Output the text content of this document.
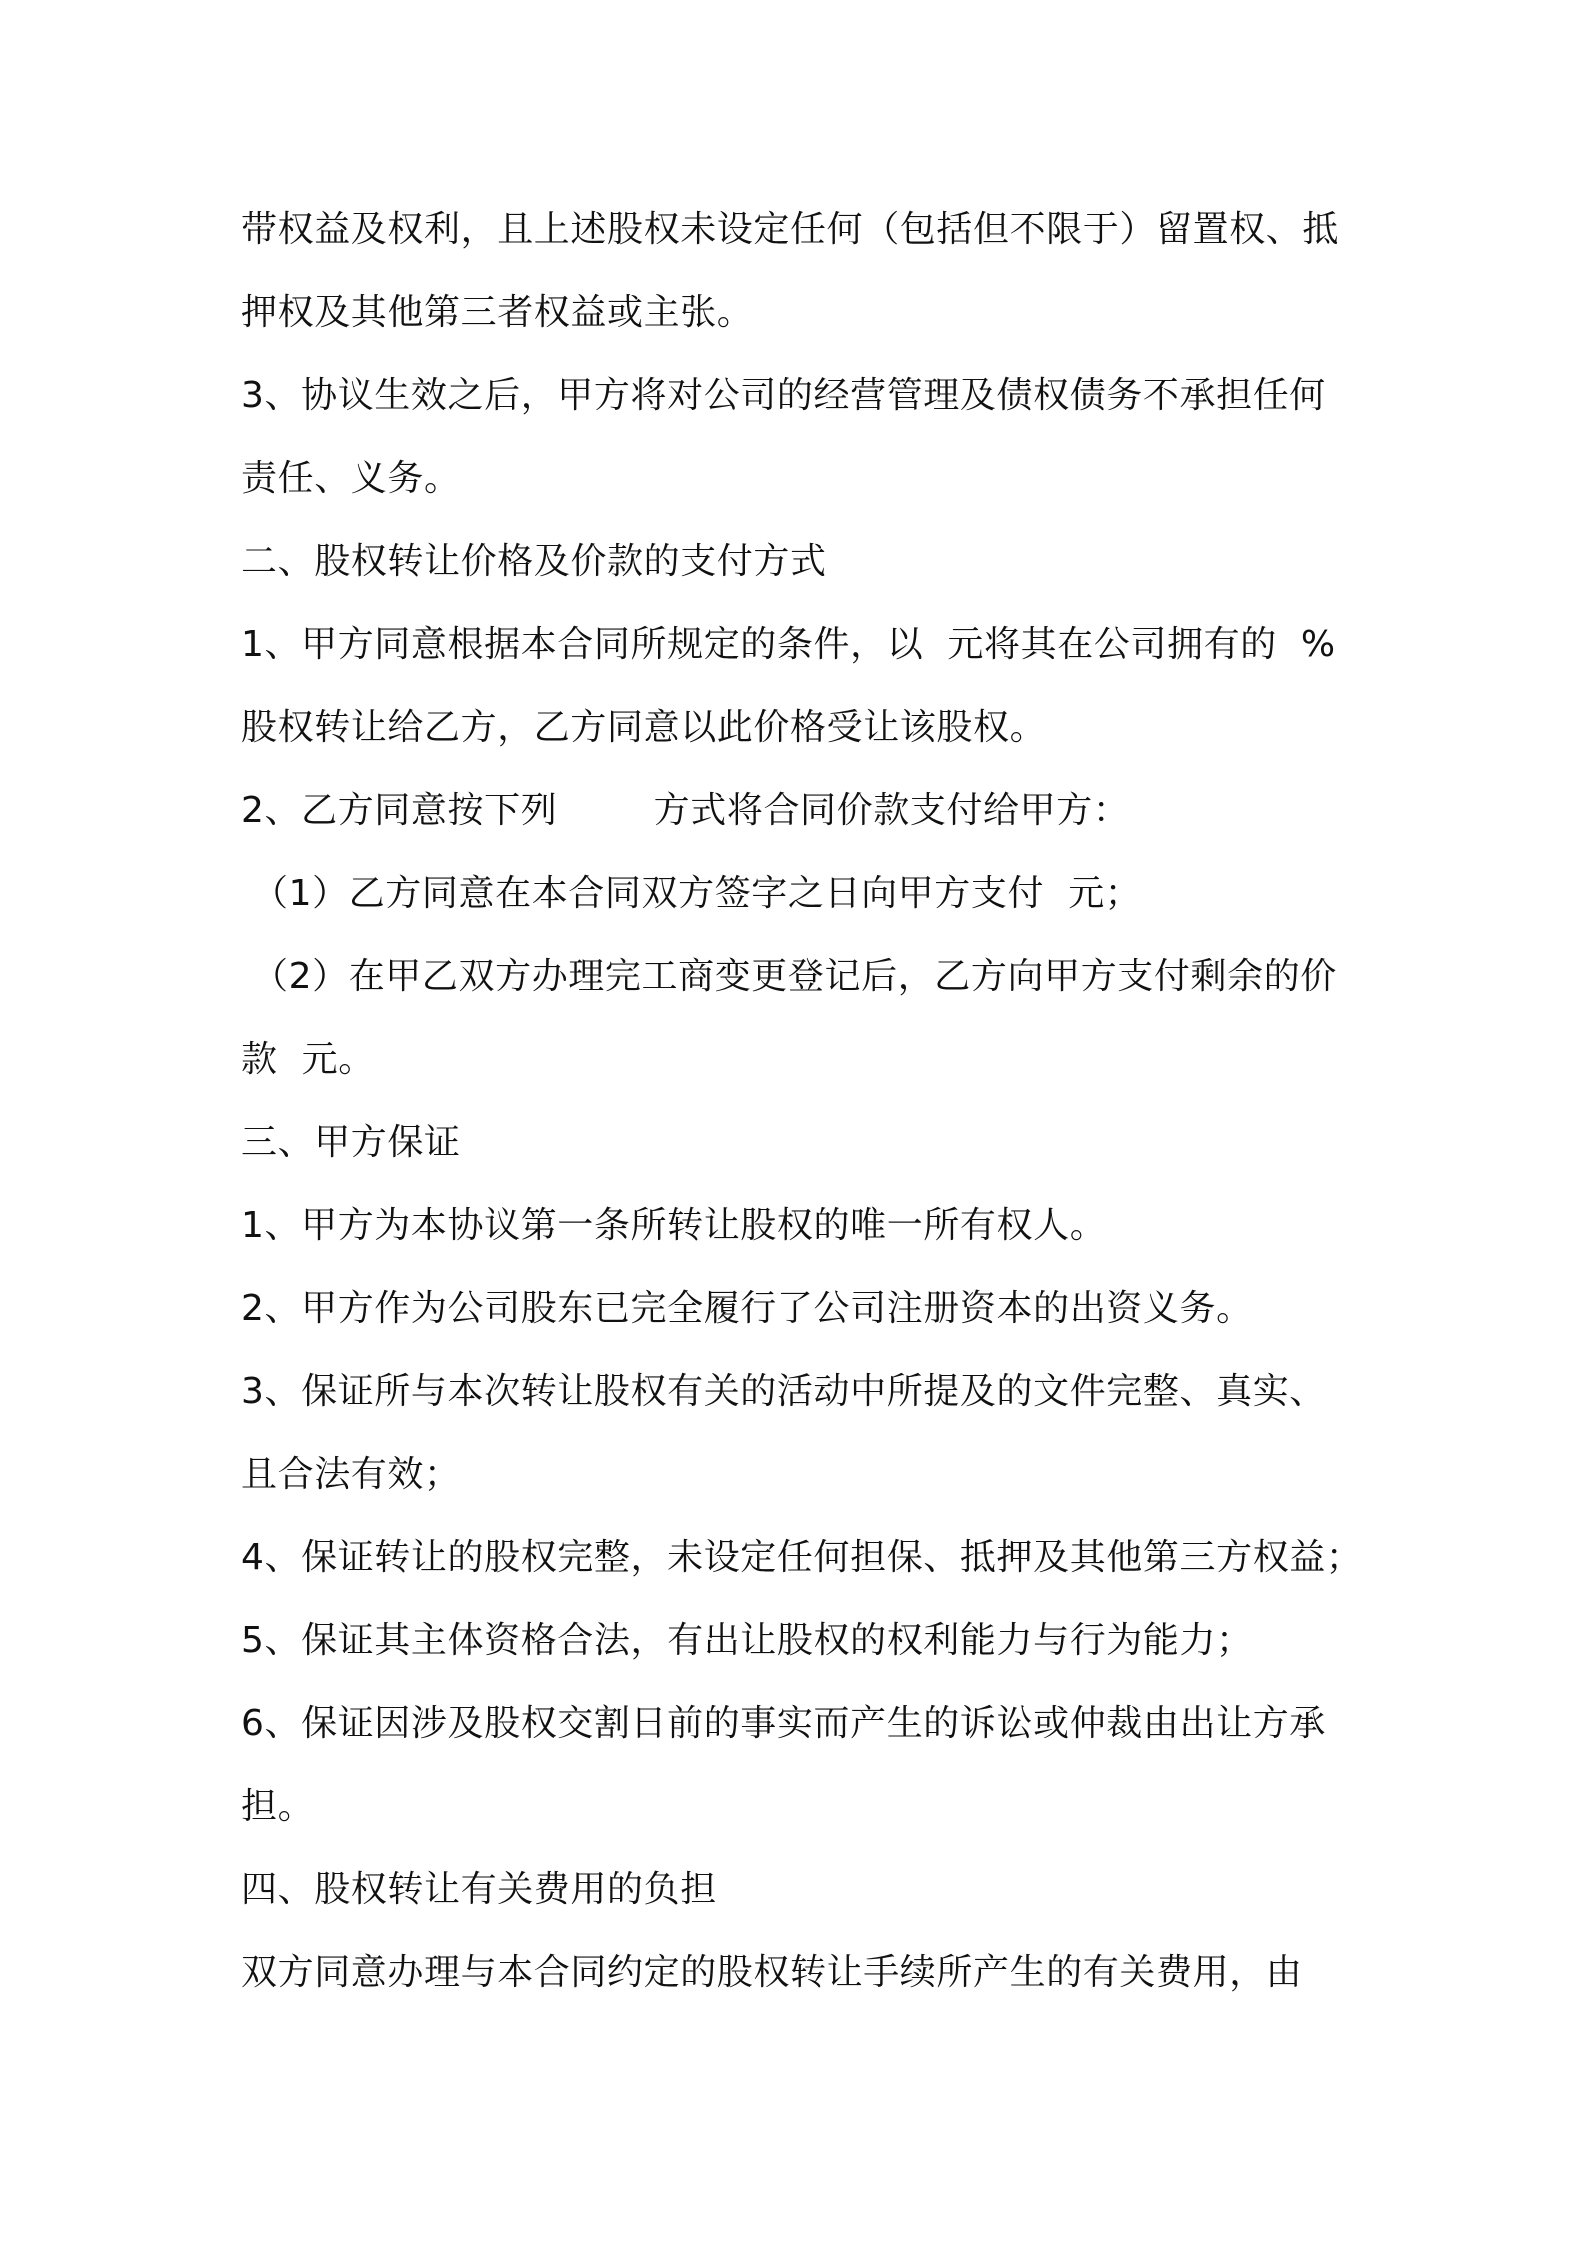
带权益及权利，且上述股权未设定任何（包括但不限于）留置权、抵
押权及其他第三者权益或主张。
3、协议生效之后，甲方将对公司的经营管理及债权债务不承担任何
责任、义务。
二、股权转让价格及价款的支付方式
1、甲方同意根据本合同所规定的条件，以  元将其在公司拥有的  %
股权转让给乙方，乙方同意以此价格受让该股权。
2、乙方同意按下列        方式将合同价款支付给甲方：
（1）乙方同意在本合同双方签字之日向甲方支付  元；
（2）在甲乙双方办理完工商变更登记后，乙方向甲方支付剩余的价
款  元。
三、甲方保证
1、甲方为本协议第一条所转让股权的唯一所有权人。
2、甲方作为公司股东已完全履行了公司注册资本的出资义务。
3、保证所与本次转让股权有关的活动中所提及的文件完整、真实、
且合法有效；
4、保证转让的股权完整，未设定任何担保、抵押及其他第三方权益；
5、保证其主体资格合法，有出让股权的权利能力与行为能力；
6、保证因涉及股权交割日前的事实而产生的诉讼或仲裁由出让方承
担。
四、股权转让有关费用的负担
双方同意办理与本合同约定的股权转让手续所产生的有关费用，由
